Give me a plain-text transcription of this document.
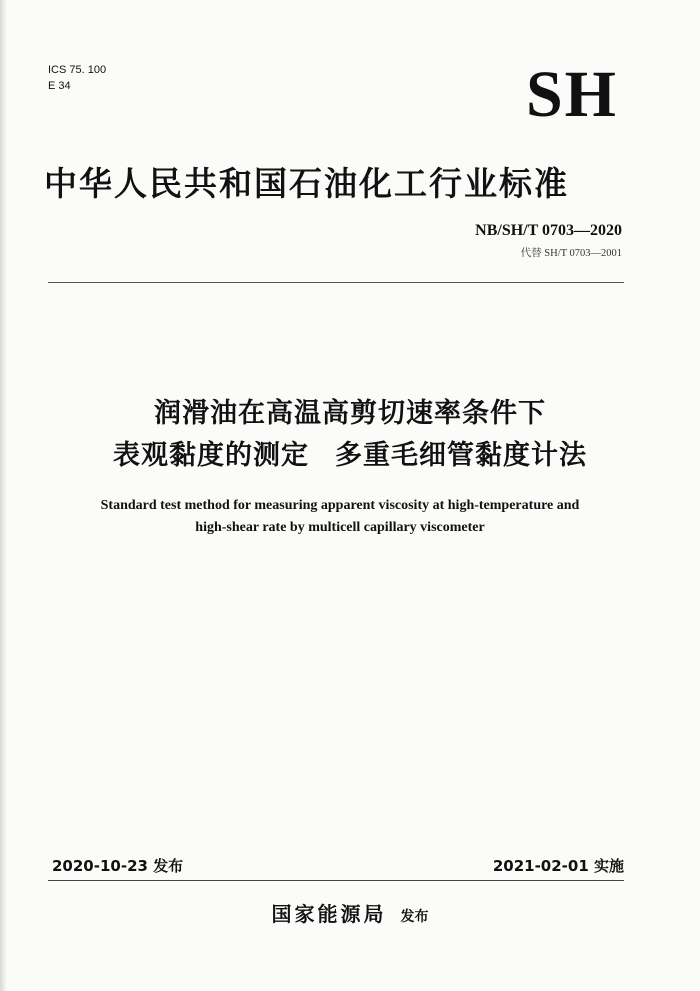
ICS 75. 100
E 34	SH
中华人民共和国石油化工行业标准
NB/SH/T 0703—2020
代替 SH/T 0703—2001
润滑油在高温高剪切速率条件下
表观黏度的测定 多重毛细管黏度计法
Standard test method for measuring apparent viscosity at high-temperature and
high-shear rate by multicell capillary viscometer
2020-10-23 发布	2021-02-01 实施
国家能源局 发布
